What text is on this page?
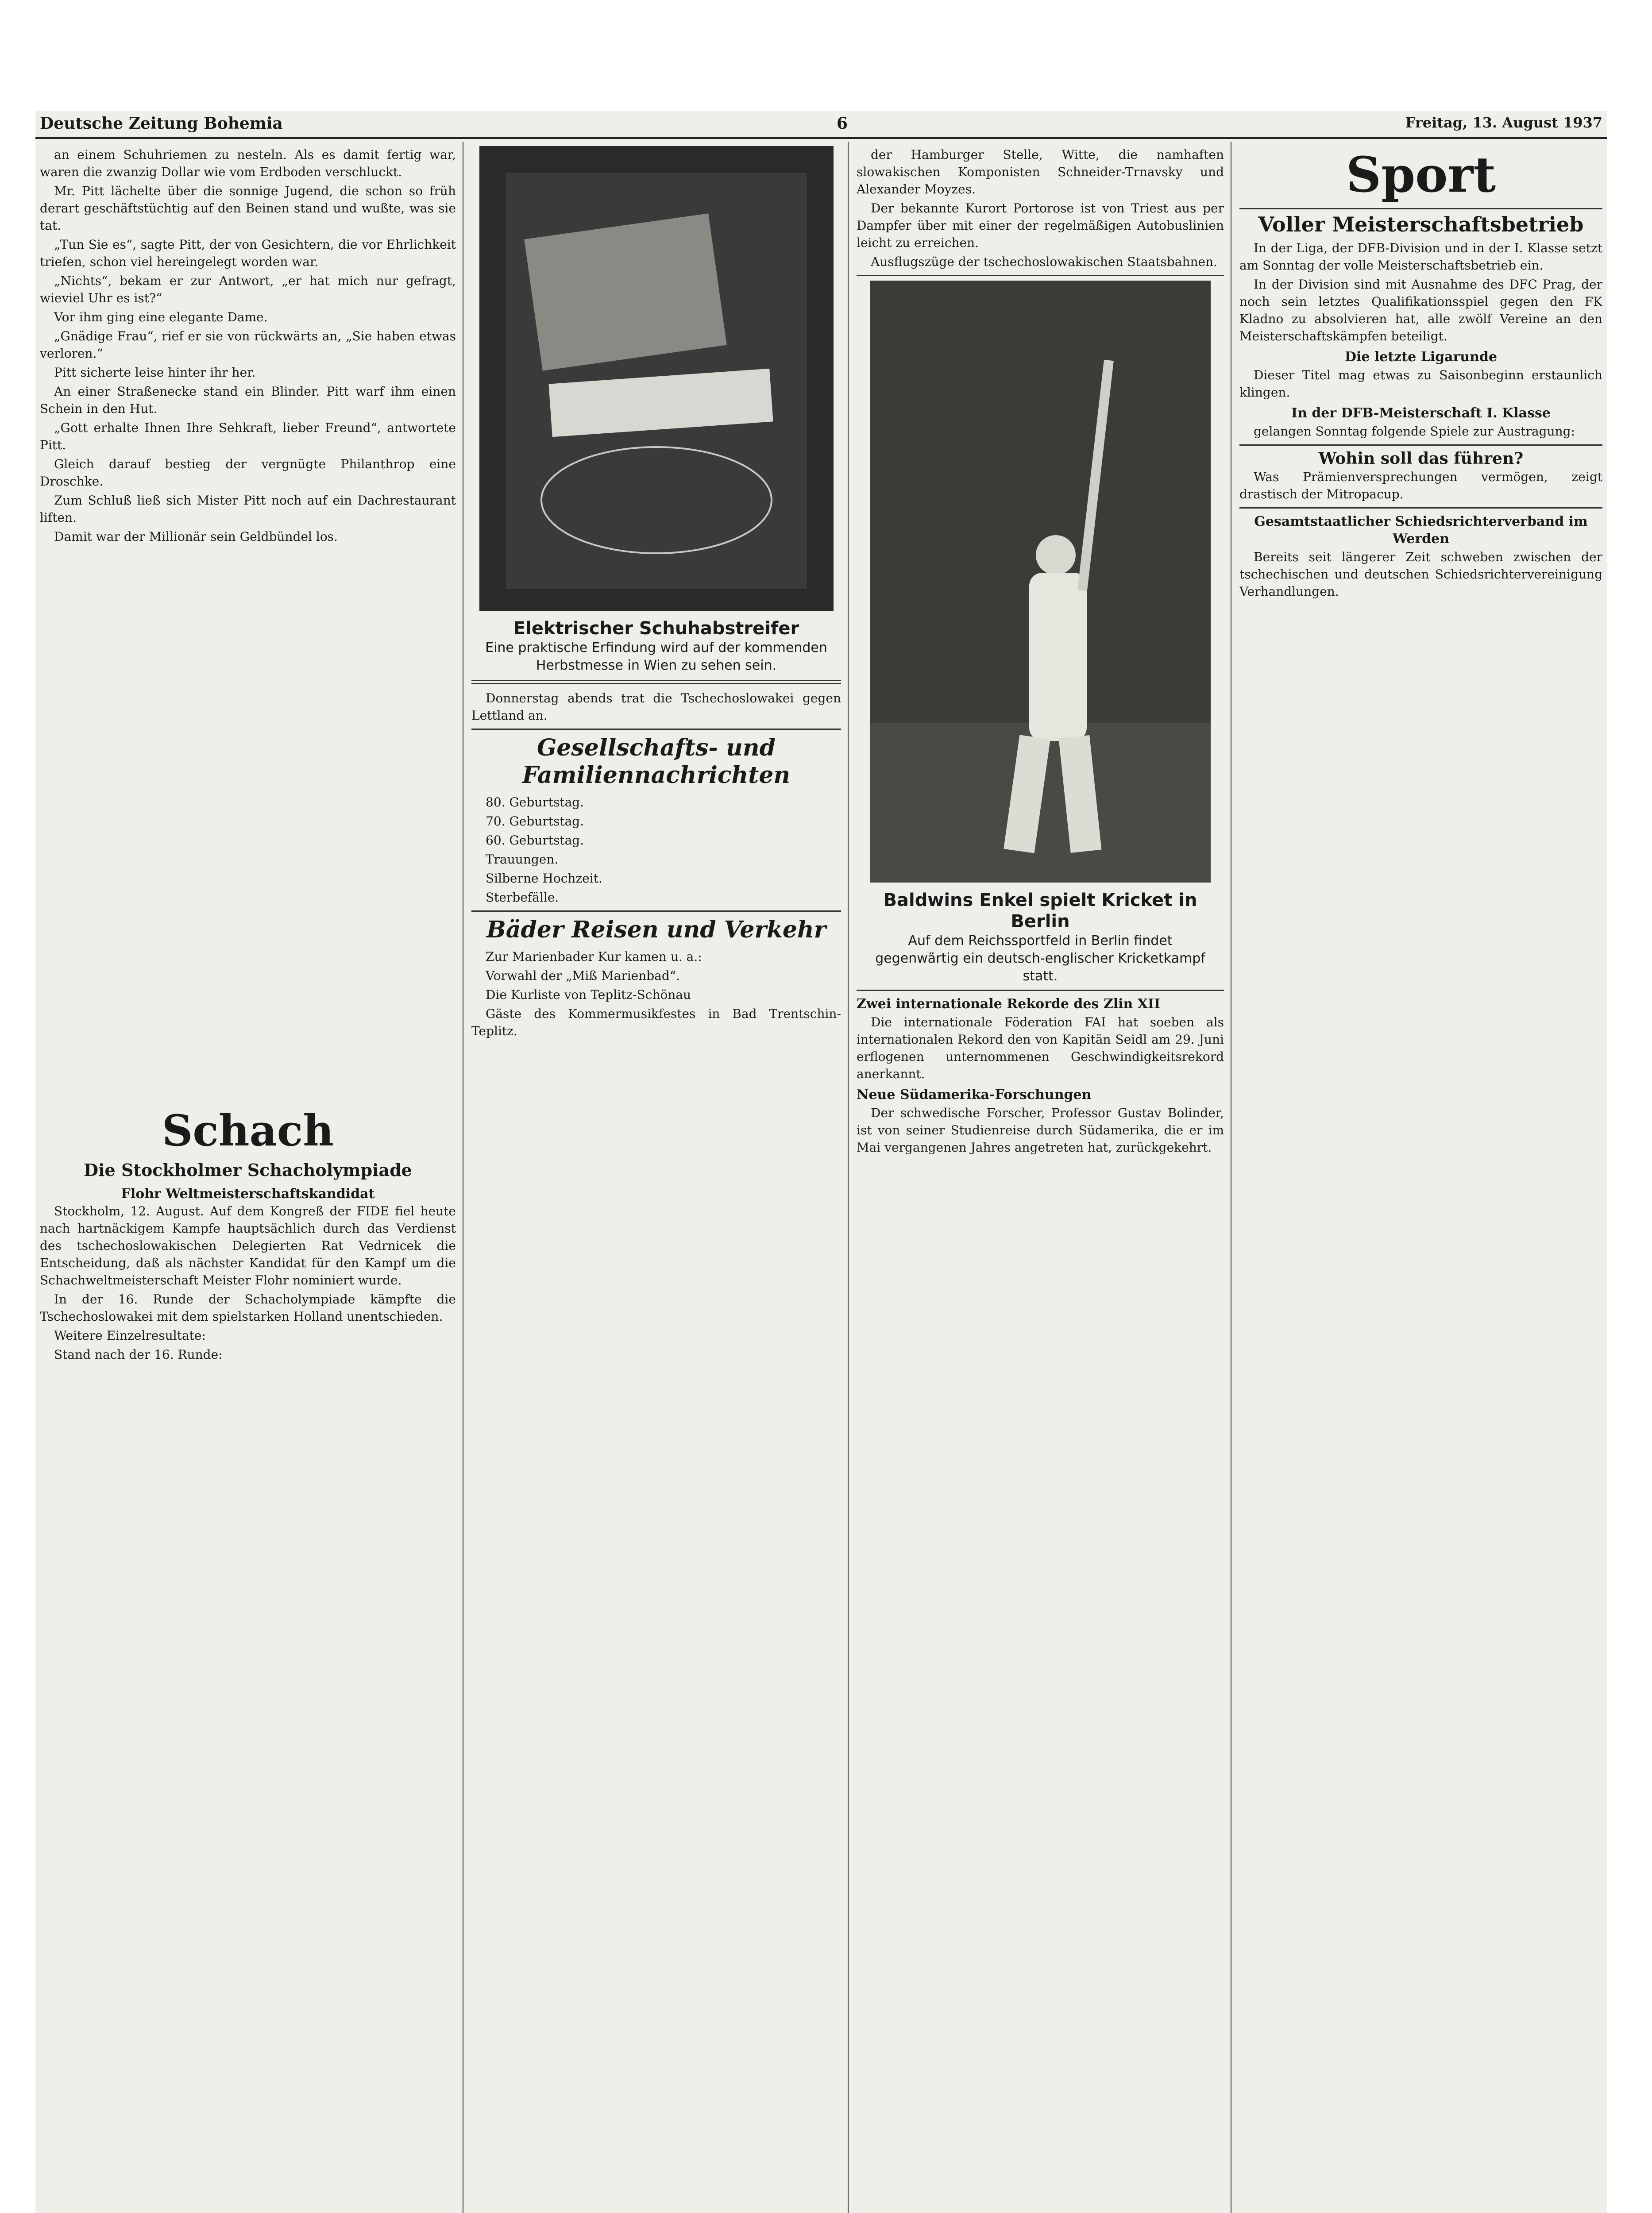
Deutsche Zeitung Bohemia	6	Freitag, 13. August 1937

an einem Schuhriemen zu nesteln. Als es damit fertig war, waren die zwanzig Dollar wie vom Erdboden verschluckt.

Mr. Pitt lächelte über die sonnige Jugend, die schon so früh derart geschäftstüchtig auf den Beinen stand und wußte, was sie tat.

„Tun Sie es“, sagte Pitt, der von Gesichtern, die vor Ehrlichkeit triefen, schon viel hereingelegt worden war.

„Nichts“, bekam er zur Antwort, „er hat mich nur gefragt, wieviel Uhr es ist?“

Vor ihm ging eine elegante Dame.

„Gnädige Frau“, rief er sie von rückwärts an, „Sie haben etwas verloren.“

Pitt sicherte leise hinter ihr her.

An einer Straßenecke stand ein Blinder. Pitt warf ihm einen Schein in den Hut.

„Gott erhalte Ihnen Ihre Sehkraft, lieber Freund“, antwortete Pitt.

Gleich darauf bestieg der vergnügte Philanthrop eine Droschke.

Zum Schluß ließ sich Mister Pitt noch auf ein Dachrestaurant liften.

Damit war der Millionär sein Geldbündel los.

Schach
Die Stockholmer Schacholympiade
Flohr Weltmeisterschaftskandidat

Stockholm, 12. August. Auf dem Kongreß der FIDE fiel heute nach hartnäckigem Kampfe hauptsächlich durch das Verdienst des tschechoslowakischen Delegierten Rat Vedrnicek die Entscheidung, daß als nächster Kandidat für den Kampf um die Schachweltmeisterschaft Meister Flohr nominiert wurde.

In der 16. Runde der Schacholympiade kämpfte die Tschechoslowakei mit dem spielstarken Holland unentschieden.

Weitere Einzelresultate:

Stand nach der 16. Runde:

Elektrischer Schuhabstreifer
Eine praktische Erfindung wird auf der kommenden Herbstmesse in Wien zu sehen sein.

Donnerstag abends trat die Tschechoslowakei gegen Lettland an.

Gesellschafts- und Familiennachrichten

80. Geburtstag.

70. Geburtstag.

60. Geburtstag.

Trauungen.

Silberne Hochzeit.

Sterbefälle.

Bäder Reisen und Verkehr

Zur Marienbader Kur kamen u. a.:

Vorwahl der „Miß Marienbad“.

Die Kurliste von Teplitz-Schönau

Gäste des Kommermusikfestes in Bad Trentschin-Teplitz.

der Hamburger Stelle, Witte, die namhaften slowakischen Komponisten Schneider-Trnavsky und Alexander Moyzes.

Der bekannte Kurort Portorose ist von Triest aus per Dampfer über mit einer der regelmäßigen Autobuslinien leicht zu erreichen.

Ausflugszüge der tschechoslowakischen Staatsbahnen.

Baldwins Enkel spielt Kricket in Berlin
Auf dem Reichssportfeld in Berlin findet gegenwärtig ein deutsch-englischer Kricketkampf statt.
Zwei internationale Rekorde des Zlin XII

Die internationale Föderation FAI hat soeben als internationalen Rekord den von Kapitän Seidl am 29. Juni erflogenen unternommenen Geschwindigkeitsrekord anerkannt.

Neue Südamerika-Forschungen

Der schwedische Forscher, Professor Gustav Bolinder, ist von seiner Studienreise durch Südamerika, die er im Mai vergangenen Jahres angetreten hat, zurückgekehrt.

Sport
Voller Meisterschaftsbetrieb

In der Liga, der DFB-Division und in der I. Klasse setzt am Sonntag der volle Meisterschaftsbetrieb ein.

In der Division sind mit Ausnahme des DFC Prag, der noch sein letztes Qualifikationsspiel gegen den FK Kladno zu absolvieren hat, alle zwölf Vereine an den Meisterschaftskämpfen beteiligt.

Die letzte Ligarunde

Dieser Titel mag etwas zu Saisonbeginn erstaunlich klingen.

In der DFB-Meisterschaft I. Klasse

gelangen Sonntag folgende Spiele zur Austragung:

Wohin soll das führen?

Was Prämienversprechungen vermögen, zeigt drastisch der Mitropacup.

Gesamtstaatlicher Schiedsrichterverband im Werden

Bereits seit längerer Zeit schweben zwischen der tschechischen und deutschen Schiedsrichtervereinigung Verhandlungen.
